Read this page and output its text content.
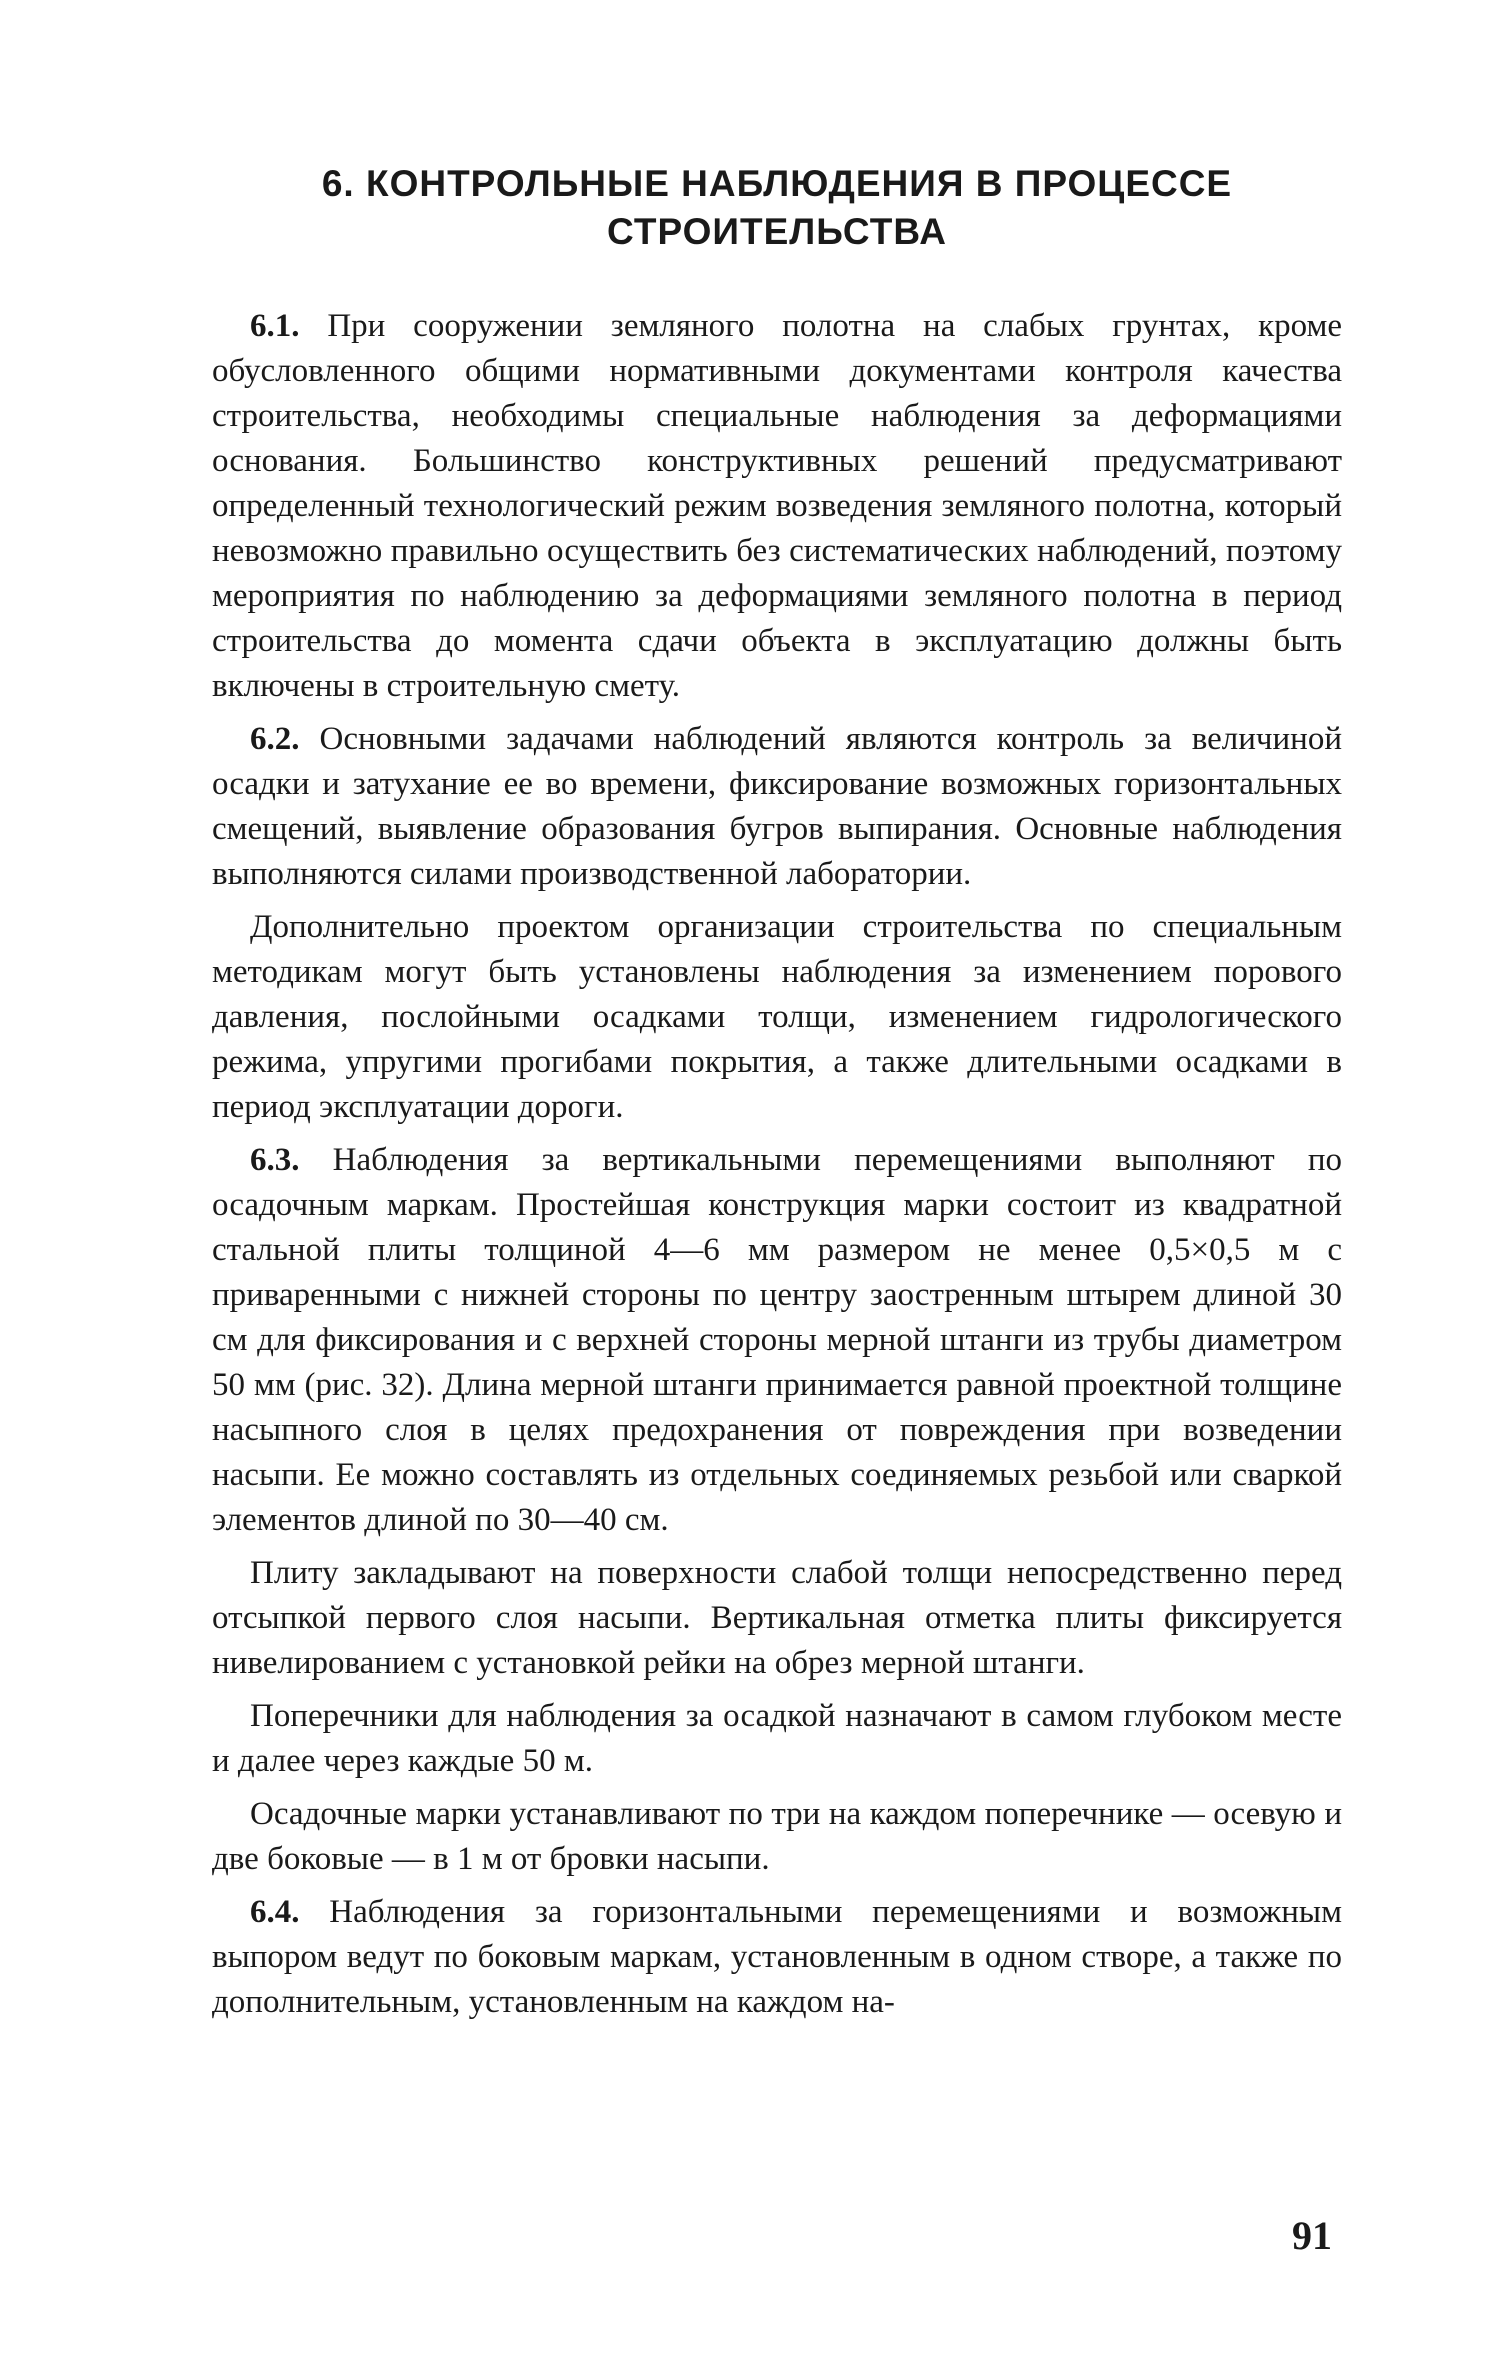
6. КОНТРОЛЬНЫЕ НАБЛЮДЕНИЯ В ПРОЦЕССЕ
СТРОИТЕЛЬСТВА

6.1. При сооружении земляного полотна на слабых грунтах, кроме обусловленного общими нормативными документами контроля качества строительства, необходимы специальные наблюдения за деформациями основания. Большинство конструктивных решений предусматривают определенный технологический режим возведения земляного полотна, который невозможно правильно осуществить без систематических наблюдений, поэтому мероприятия по наблюдению за деформациями земляного полотна в период строительства до момента сдачи объекта в эксплуатацию должны быть включены в строительную смету.

6.2. Основными задачами наблюдений являются контроль за величиной осадки и затухание ее во времени, фиксирование возможных горизонтальных смещений, выявление образования бугров выпирания. Основные наблюдения выполняются силами производственной лаборатории.

Дополнительно проектом организации строительства по специальным методикам могут быть установлены наблюдения за изменением порового давления, послойными осадками толщи, изменением гидрологического режима, упругими прогибами покрытия, а также длительными осадками в период эксплуатации дороги.

6.3. Наблюдения за вертикальными перемещениями выполняют по осадочным маркам. Простейшая конструкция марки состоит из квадратной стальной плиты толщиной 4—6 мм размером не менее 0,5×0,5 м с приваренными с нижней стороны по центру заостренным штырем длиной 30 см для фиксирования и с верхней стороны мерной штанги из трубы диаметром 50 мм (рис. 32). Длина мерной штанги принимается равной проектной толщине насыпного слоя в целях предохранения от повреждения при возведении насыпи. Ее можно составлять из отдельных соединяемых резьбой или сваркой элементов длиной по 30—40 см.

Плиту закладывают на поверхности слабой толщи непосредственно перед отсыпкой первого слоя насыпи. Вертикальная отметка плиты фиксируется нивелированием с установкой рейки на обрез мерной штанги.

Поперечники для наблюдения за осадкой назначают в самом глубоком месте и далее через каждые 50 м.

Осадочные марки устанавливают по три на каждом поперечнике — осевую и две боковые — в 1 м от бровки насыпи.

6.4. Наблюдения за горизонтальными перемещениями и возможным выпором ведут по боковым маркам, установленным в одном створе, а также по дополнительным, установленным на каждом на-

91
